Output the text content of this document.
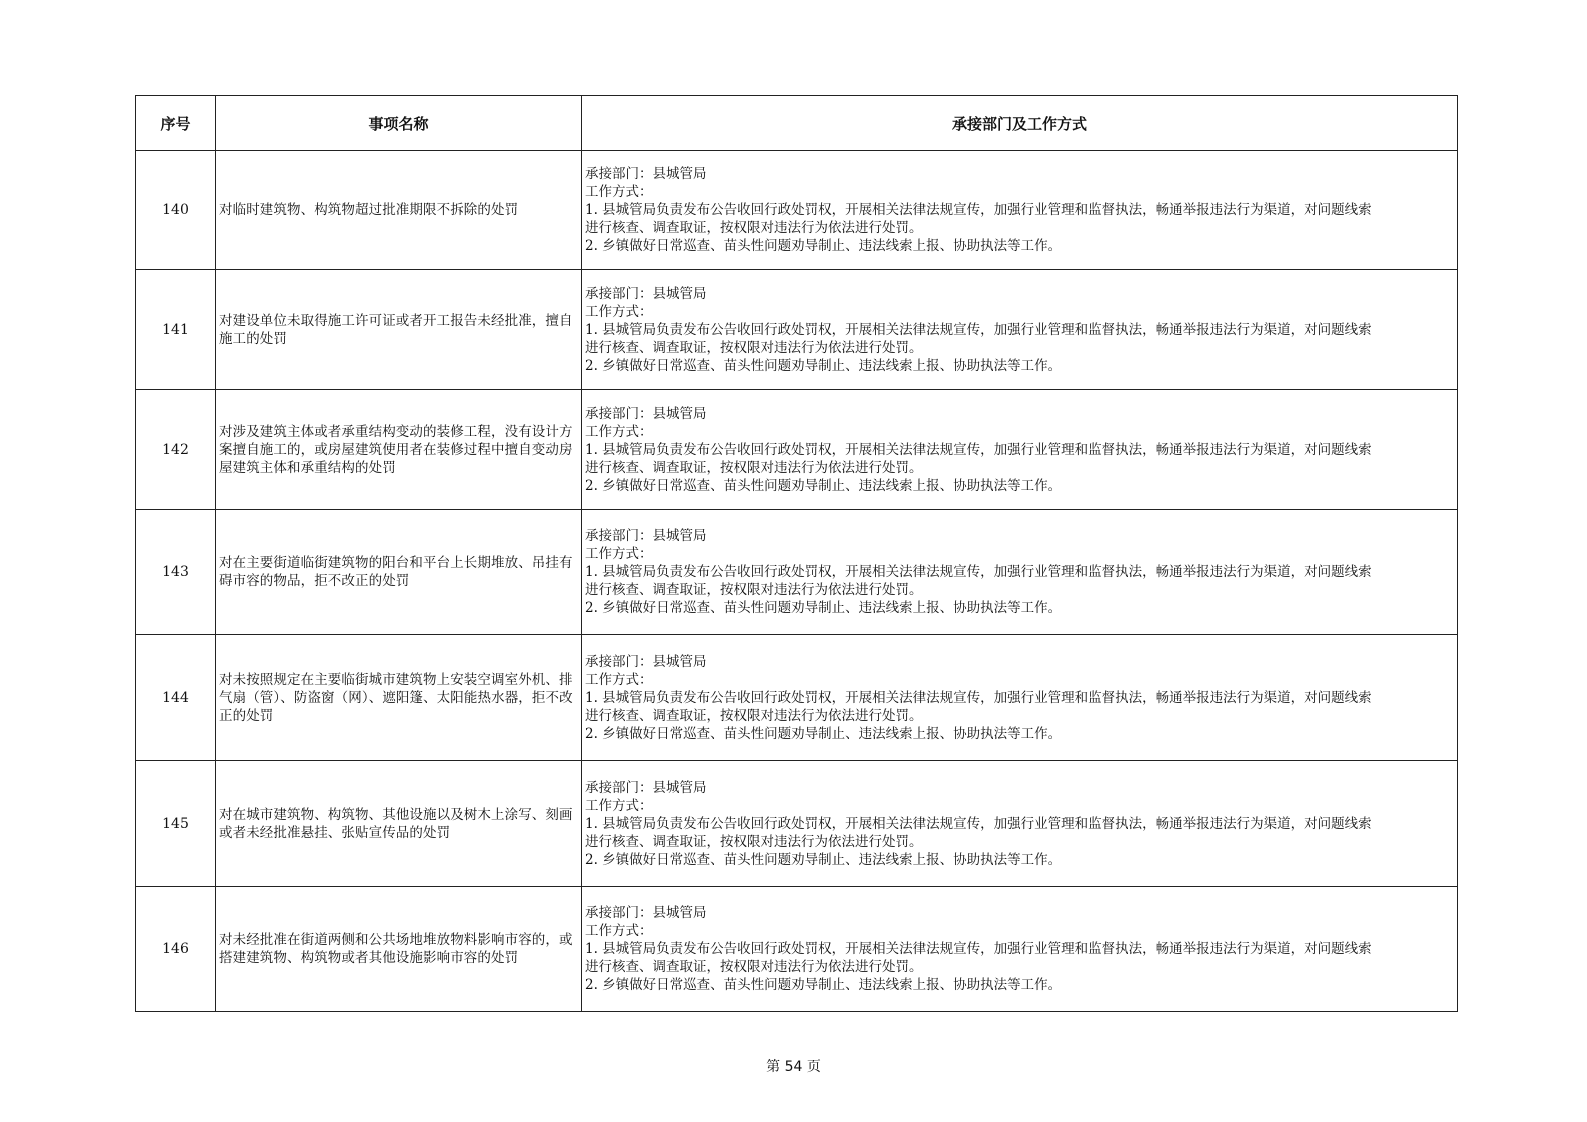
序号	事项名称	承接部门及工作方式
140	对临时建筑物、构筑物超过批准期限不拆除的处罚	承接部门：县城管局
工作方式：
1. 县城管局负责发布公告收回行政处罚权，开展相关法律法规宣传，加强行业管理和监督执法，畅通举报违法行为渠道，对问题线索
进行核查、调查取证，按权限对违法行为依法进行处罚。
2. 乡镇做好日常巡查、苗头性问题劝导制止、违法线索上报、协助执法等工作。

141	对建设单位未取得施工许可证或者开工报告未经批准，擅自施工的处罚	承接部门：县城管局
工作方式：
1. 县城管局负责发布公告收回行政处罚权，开展相关法律法规宣传，加强行业管理和监督执法，畅通举报违法行为渠道，对问题线索
进行核查、调查取证，按权限对违法行为依法进行处罚。
2. 乡镇做好日常巡查、苗头性问题劝导制止、违法线索上报、协助执法等工作。

142	对涉及建筑主体或者承重结构变动的装修工程，没有设计方案擅自施工的，或房屋建筑使用者在装修过程中擅自变动房屋建筑主体和承重结构的处罚	承接部门：县城管局
工作方式：
1. 县城管局负责发布公告收回行政处罚权，开展相关法律法规宣传，加强行业管理和监督执法，畅通举报违法行为渠道，对问题线索
进行核查、调查取证，按权限对违法行为依法进行处罚。
2. 乡镇做好日常巡查、苗头性问题劝导制止、违法线索上报、协助执法等工作。

143	对在主要街道临街建筑物的阳台和平台上长期堆放、吊挂有碍市容的物品，拒不改正的处罚	承接部门：县城管局
工作方式：
1. 县城管局负责发布公告收回行政处罚权，开展相关法律法规宣传，加强行业管理和监督执法，畅通举报违法行为渠道，对问题线索
进行核查、调查取证，按权限对违法行为依法进行处罚。
2. 乡镇做好日常巡查、苗头性问题劝导制止、违法线索上报、协助执法等工作。

144	对未按照规定在主要临街城市建筑物上安装空调室外机、排气扇（管）、防盗窗（网）、遮阳篷、太阳能热水器，拒不改正的处罚	承接部门：县城管局
工作方式：
1. 县城管局负责发布公告收回行政处罚权，开展相关法律法规宣传，加强行业管理和监督执法，畅通举报违法行为渠道，对问题线索
进行核查、调查取证，按权限对违法行为依法进行处罚。
2. 乡镇做好日常巡查、苗头性问题劝导制止、违法线索上报、协助执法等工作。

145	对在城市建筑物、构筑物、其他设施以及树木上涂写、刻画或者未经批准悬挂、张贴宣传品的处罚	承接部门：县城管局
工作方式：
1. 县城管局负责发布公告收回行政处罚权，开展相关法律法规宣传，加强行业管理和监督执法，畅通举报违法行为渠道，对问题线索
进行核查、调查取证，按权限对违法行为依法进行处罚。
2. 乡镇做好日常巡查、苗头性问题劝导制止、违法线索上报、协助执法等工作。

146	对未经批准在街道两侧和公共场地堆放物料影响市容的，或搭建建筑物、构筑物或者其他设施影响市容的处罚	承接部门：县城管局
工作方式：
1. 县城管局负责发布公告收回行政处罚权，开展相关法律法规宣传，加强行业管理和监督执法，畅通举报违法行为渠道，对问题线索
进行核查、调查取证，按权限对违法行为依法进行处罚。
2. 乡镇做好日常巡查、苗头性问题劝导制止、违法线索上报、协助执法等工作。
第 54 页
